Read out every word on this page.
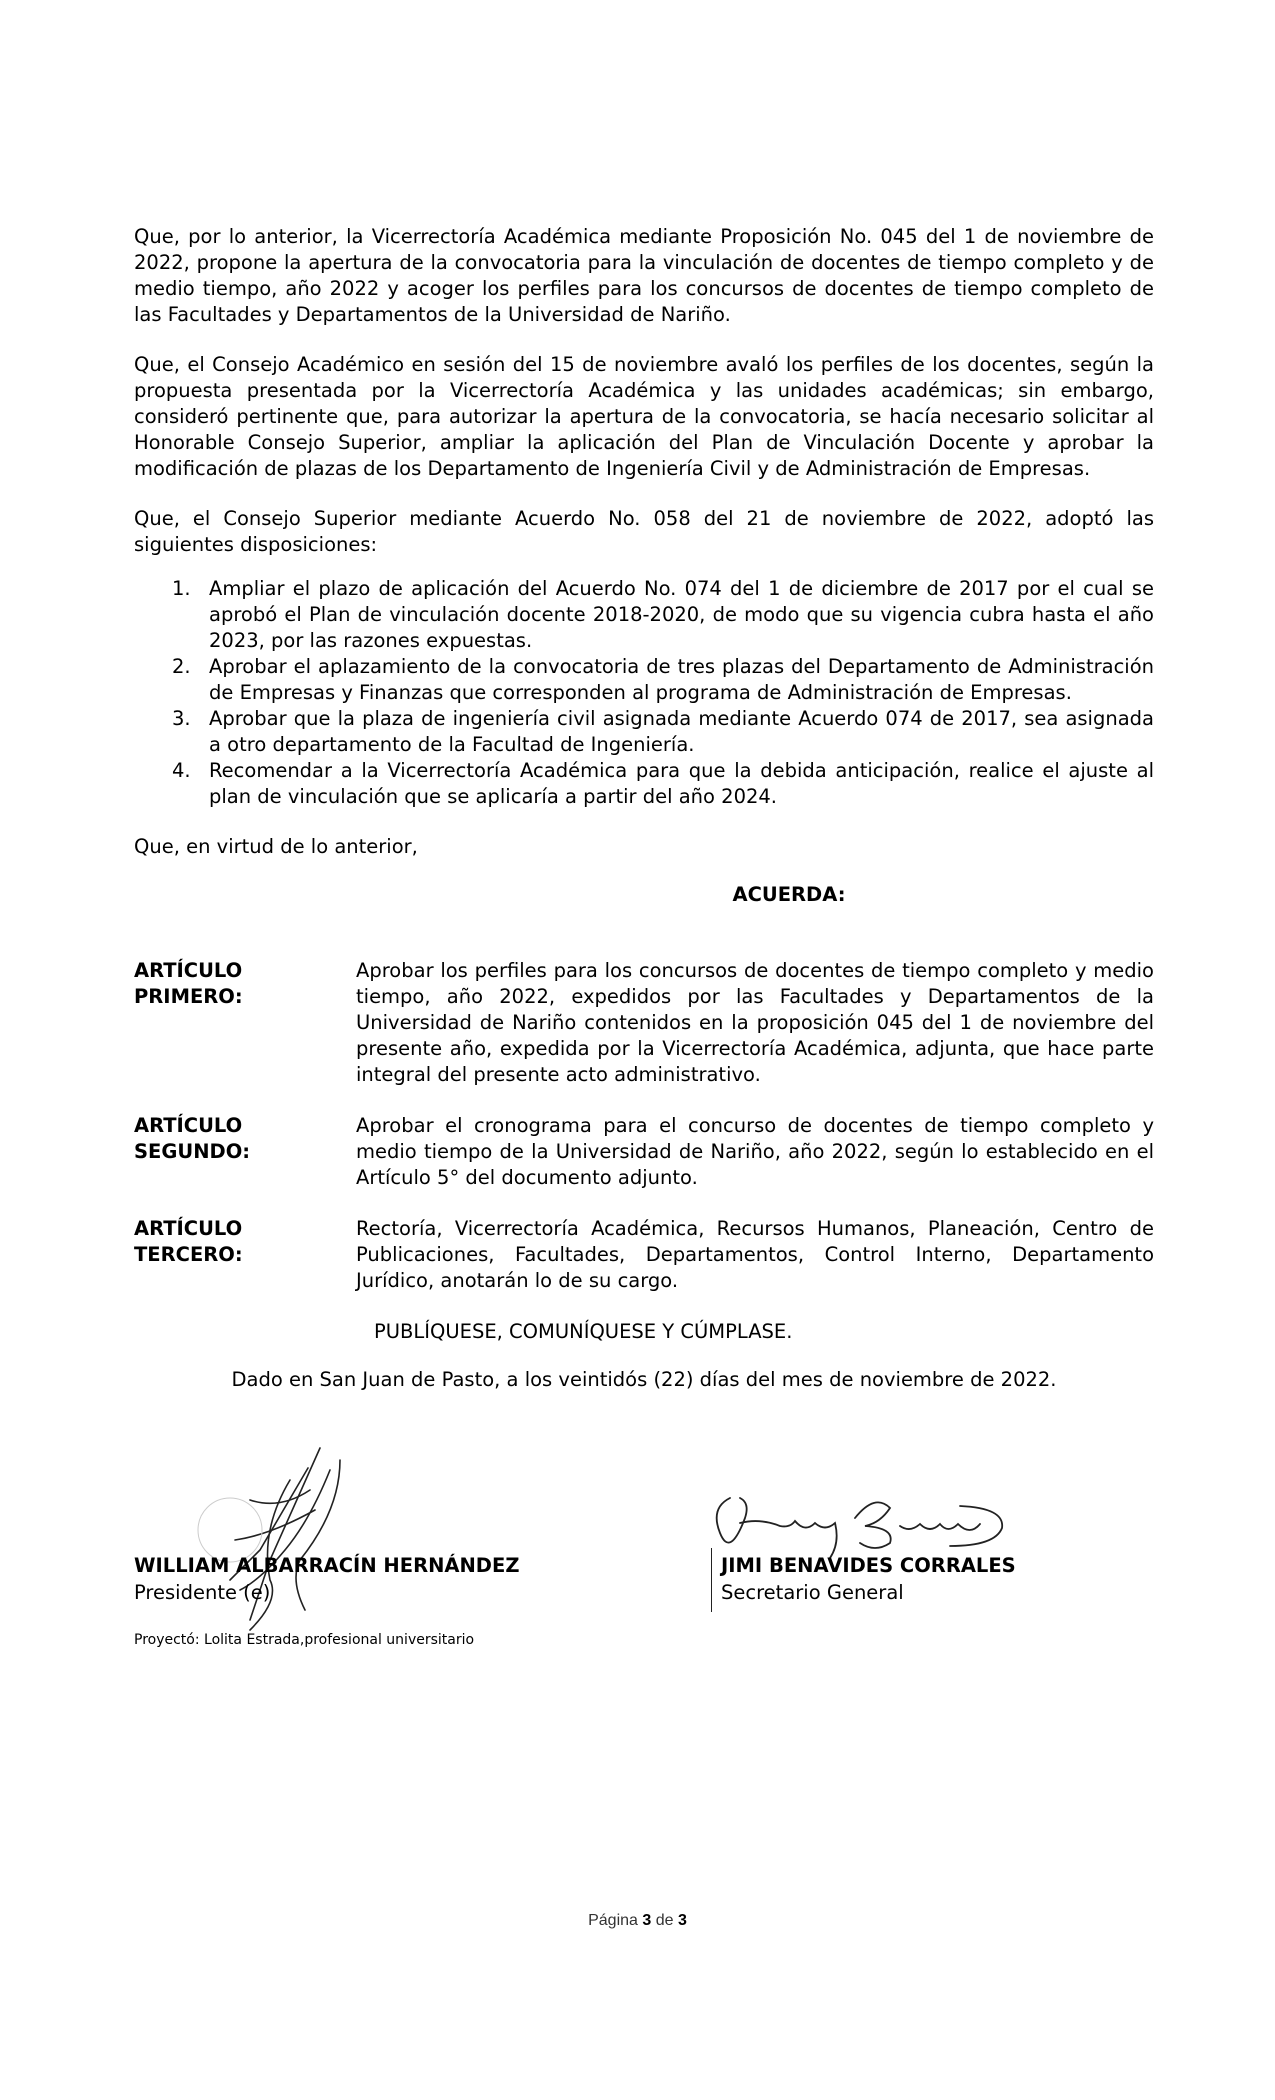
Que, por lo anterior, la Vicerrectoría Académica mediante Proposición No. 045 del 1 de noviembre de 2022, propone la apertura de la convocatoria para la vinculación de docentes de tiempo completo y de medio tiempo, año 2022 y acoger los perfiles para los concursos de docentes de tiempo completo de las Facultades y Departamentos de la Universidad de Nariño.

Que, el Consejo Académico en sesión del 15 de noviembre avaló los perfiles de los docentes, según la propuesta presentada por la Vicerrectoría Académica y las unidades académicas; sin embargo, consideró pertinente que, para autorizar la apertura de la convocatoria, se hacía necesario solicitar al Honorable Consejo Superior, ampliar la aplicación del Plan de Vinculación Docente y aprobar la modificación de plazas de los Departamento de Ingeniería Civil y de Administración de Empresas.

Que, el Consejo Superior mediante Acuerdo No. 058 del 21 de noviembre de 2022, adoptó las siguientes disposiciones:

1. Ampliar el plazo de aplicación del Acuerdo No. 074 del 1 de diciembre de 2017 por el cual se aprobó el Plan de vinculación docente 2018-2020, de modo que su vigencia cubra hasta el año 2023, por las razones expuestas.
2. Aprobar el aplazamiento de la convocatoria de tres plazas del Departamento de Administración de Empresas y Finanzas que corresponden al programa de Administración de Empresas.
3. Aprobar que la plaza de ingeniería civil asignada mediante Acuerdo 074 de 2017, sea asignada a otro departamento de la Facultad de Ingeniería.
4. Recomendar a la Vicerrectoría Académica para que la debida anticipación, realice el ajuste al plan de vinculación que se aplicaría a partir del año 2024.

Que, en virtud de lo anterior,

ACUERDA:
ARTÍCULO PRIMERO:
Aprobar los perfiles para los concursos de docentes de tiempo completo y medio tiempo, año 2022, expedidos por las Facultades y Departamentos de la Universidad de Nariño contenidos en la proposición 045 del 1 de noviembre del presente año, expedida por la Vicerrectoría Académica, adjunta, que hace parte integral del presente acto administrativo.
ARTÍCULO SEGUNDO:
Aprobar el cronograma para el concurso de docentes de tiempo completo y medio tiempo de la Universidad de Nariño, año 2022, según lo establecido en el Artículo 5° del documento adjunto.
ARTÍCULO TERCERO:
Rectoría, Vicerrectoría Académica, Recursos Humanos, Planeación, Centro de Publicaciones, Facultades, Departamentos, Control Interno, Departamento Jurídico, anotarán lo de su cargo.
PUBLÍQUESE, COMUNÍQUESE Y CÚMPLASE.
Dado en San Juan de Pasto, a los veintidós (22) días del mes de noviembre de 2022.
WILLIAM ALBARRACÍN HERNÁNDEZ
Presidente (e)
JIMI BENAVIDES CORRALES
Secretario General
Proyectó: Lolita Estrada,profesional universitario
Página 3 de 3
